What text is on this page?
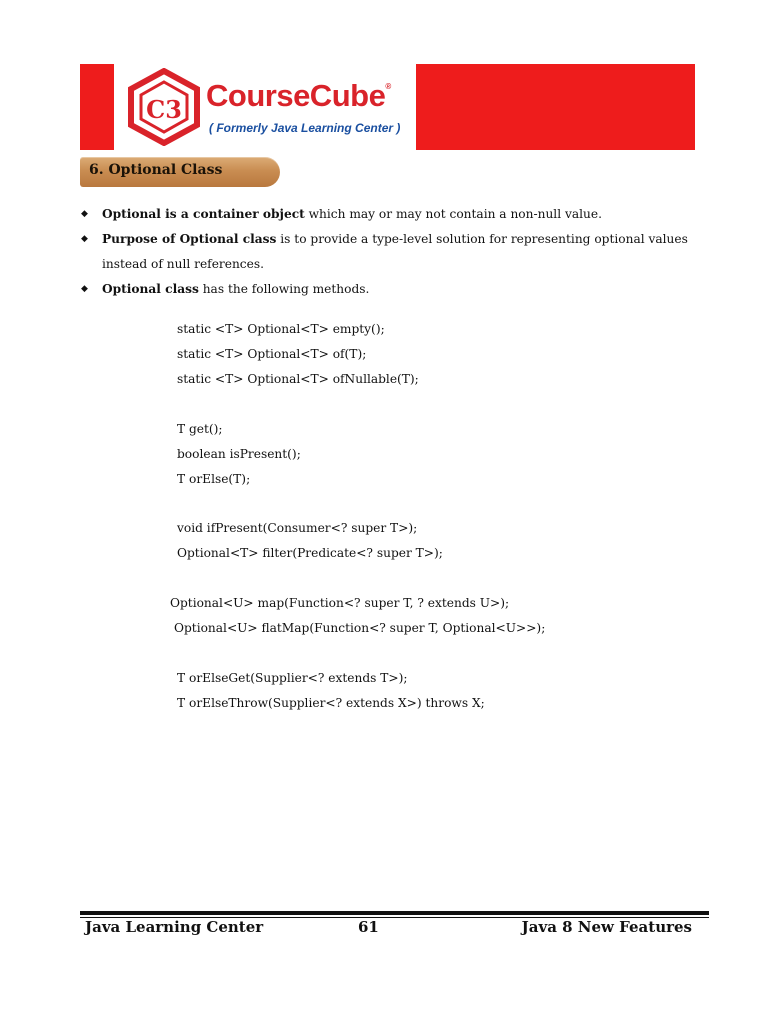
C3 CourseCube®
( Formerly Java Learning Center )
6. Optional Class
◆ Optional is a container object which may or may not contain a non-null value.
◆ Purpose of Optional class is to provide a type-level solution for representing optional values instead of null references.
◆ Optional class has the following methods.
static <T> Optional<T> empty();
static <T> Optional<T> of(T);
static <T> Optional<T> ofNullable(T);
T get();
boolean isPresent();
T orElse(T);
void ifPresent(Consumer<? super T>);
Optional<T> filter(Predicate<? super T>);
Optional<U> map(Function<? super T, ? extends U>);
Optional<U> flatMap(Function<? super T, Optional<U>>);
T orElseGet(Supplier<? extends T>);
T orElseThrow(Supplier<? extends X>) throws X;
Java Learning Center	61	Java 8 New Features
